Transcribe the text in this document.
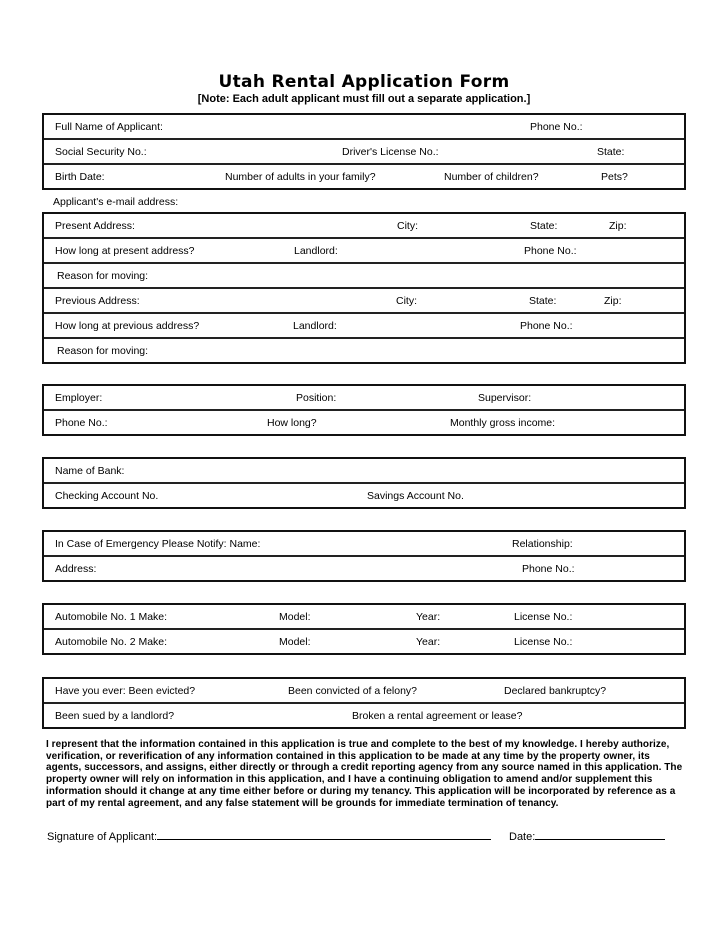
Utah Rental Application Form
[Note: Each adult applicant must fill out a separate application.]
Full Name of Applicant:	Phone No.:
Social Security No.:	Driver's License No.:	State:
Birth Date:	Number of adults in your family?	Number of children?	Pets?
Applicant's e-mail address:
Present Address:	City:	State:	Zip:
How long at present address?	Landlord:	Phone No.:
Reason for moving:
Previous Address:	City:	State:	Zip:
How long at previous address?	Landlord:	Phone No.:
Reason for moving:
Employer:	Position:	Supervisor:
Phone No.:	How long?	Monthly gross income:
Name of Bank:
Checking Account No.	Savings Account No.
In Case of Emergency Please Notify: Name:	Relationship:
Address:	Phone No.:
Automobile No. 1 Make:	Model:	Year:	License No.:
Automobile No. 2 Make:	Model:	Year:	License No.:
Have you ever: Been evicted?	Been convicted of a felony?	Declared bankruptcy?
Been sued by a landlord?	Broken a rental agreement or lease?
I represent that the information contained in this application is true and complete to the best of my knowledge. I hereby authorize, verification, or reverification of any information contained in this application to be made at any time by the property owner, its agents, successors, and assigns, either directly or through a credit reporting agency from any source named in this application. The property owner will rely on information in this application, and I have a continuing obligation to amend and/or supplement this information should it change at any time either before or during my tenancy. This application will be incorporated by reference as a part of my rental agreement, and any false statement will be grounds for immediate termination of tenancy.
Signature of Applicant:	Date:
